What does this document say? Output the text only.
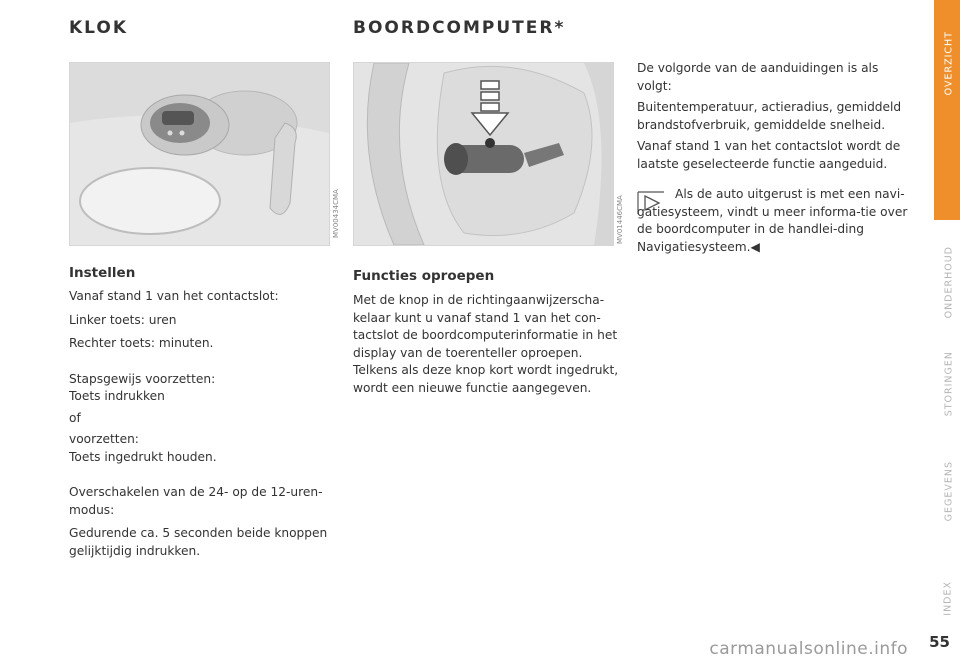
KLOK
MV00434CMA
Instellen

Vanaf stand 1 van het contactslot:

Linker toets: uren

Rechter toets: minuten.

Stapsgewijs voorzetten:

Toets indrukken

of

voorzetten:

Toets ingedrukt houden.

Overschakelen van de 24- op de 12-uren-modus:

Gedurende ca. 5 seconden beide knoppen gelijktijdig indrukken.

BOORDCOMPUTER*
MV01446CMA
Functies oproepen

Met de knop in de richtingaanwijzerscha-kelaar kunt u vanaf stand 1 van het con-tactslot de boordcomputerinformatie in het display van de toerenteller oproepen. Telkens als deze knop kort wordt ingedrukt, wordt een nieuwe functie aangegeven.

De volgorde van de aanduidingen is als volgt:

Buitentemperatuur, actieradius, gemiddeld brandstofverbruik, gemiddelde snelheid.

Vanaf stand 1 van het contactslot wordt de laatste geselecteerde functie aangeduid.

Als de auto uitgerust is met een navi-gatiesysteem, vindt u meer informa-tie over de boordcomputer in de handlei-ding Navigatiesysteem.◀
OVERZICHT
BEDIENING
ONDERHOUD
STORINGEN
GEGEVENS
INDEX
55
carmanualsonline.info
